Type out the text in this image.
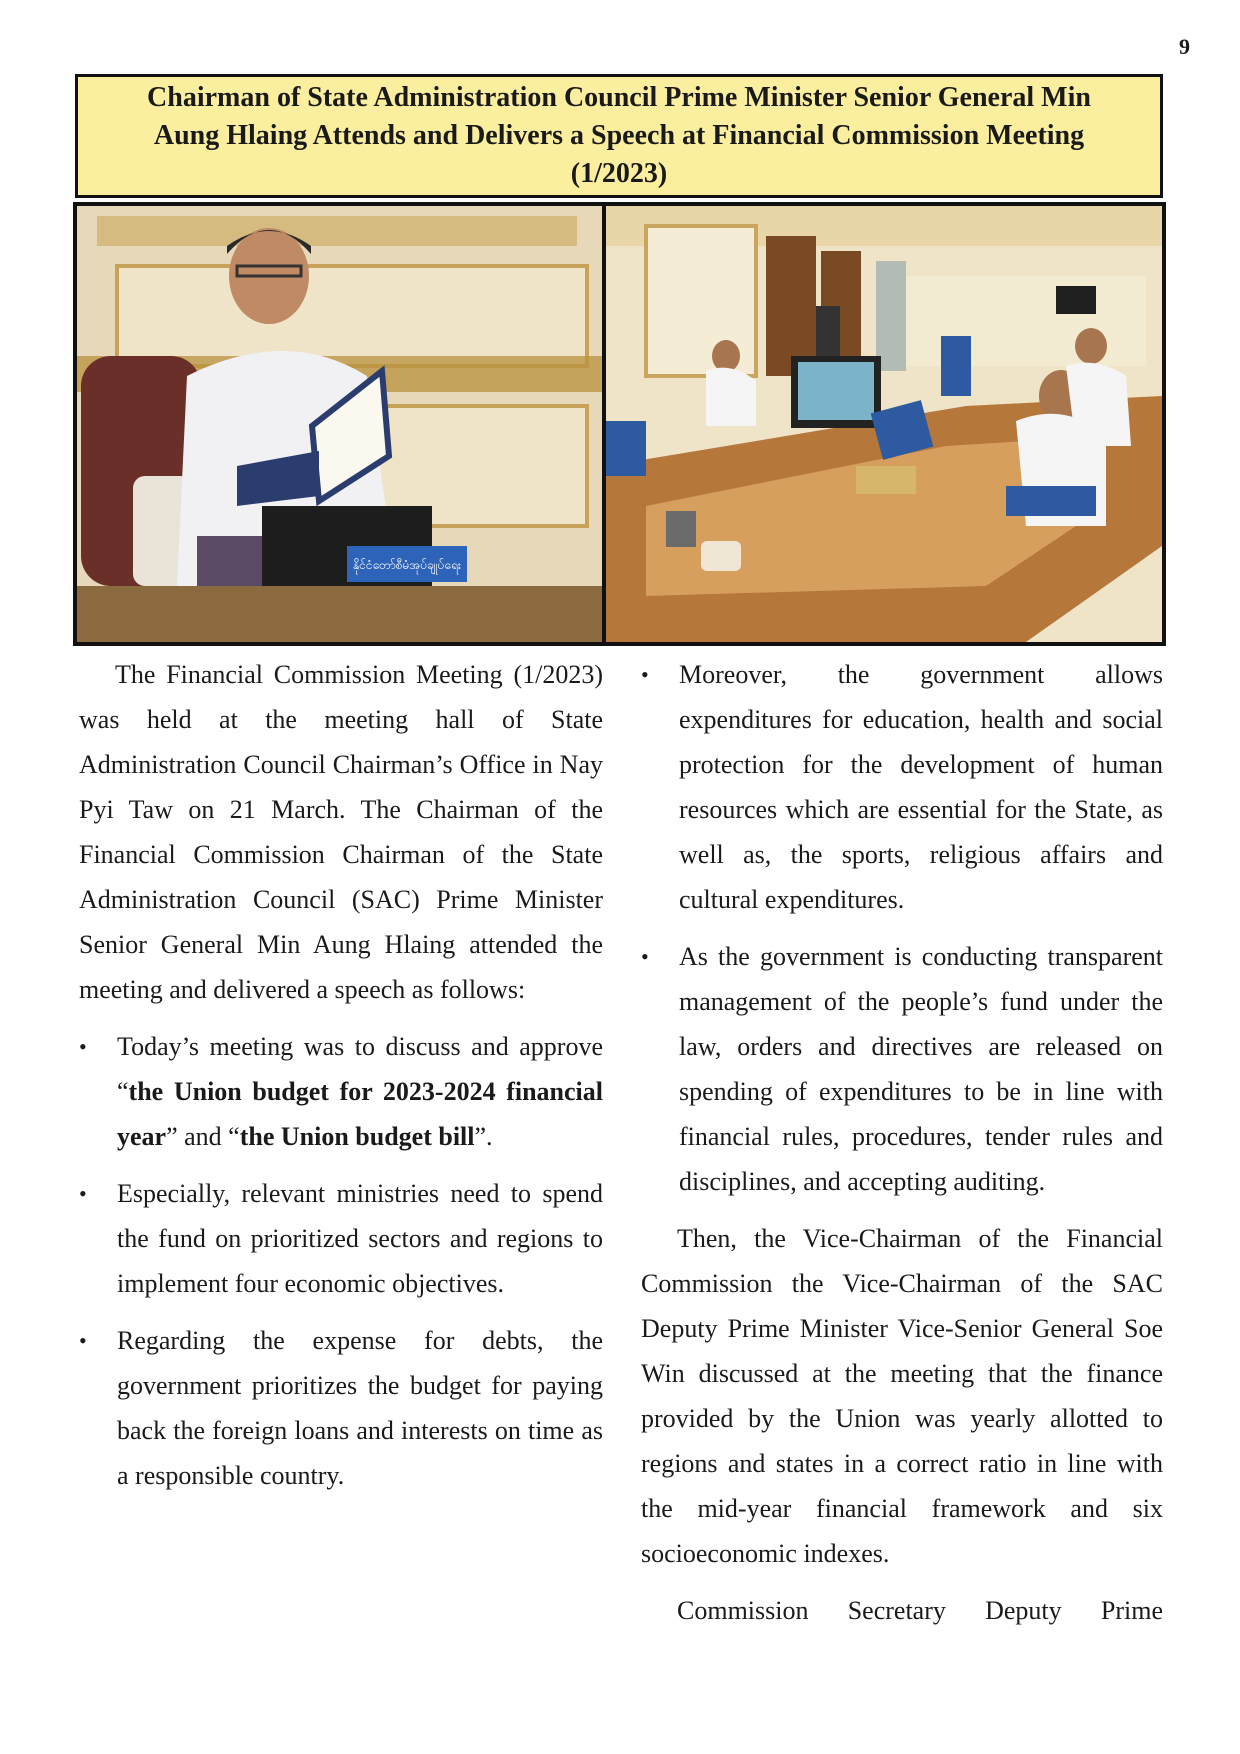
9
Chairman of State Administration Council Prime Minister Senior General Min Aung Hlaing Attends and Delivers a Speech at Financial Commission Meeting (1/2023)
နိုင်ငံတော်စီမံအုပ်ချုပ်ရေး

The Financial Commission Meeting (1/2023) was held at the meeting hall of State Administration Council Chairman’s Office in Nay Pyi Taw on 21 March. The Chairman of the Financial Commission Chairman of the State Administration Council (SAC) Prime Minister Senior General Min Aung Hlaing attended the meeting and delivered a speech as follows:

• Today’s meeting was to discuss and approve “the Union budget for 2023-2024 financial year” and “the Union budget bill”.
• Especially, relevant ministries need to spend the fund on prioritized sectors and regions to implement four economic objectives.
• Regarding the expense for debts, the government prioritizes the budget for paying back the foreign loans and interests on time as a responsible country.
• Moreover, the government allows expenditures for education, health and social protection for the development of human resources which are essential for the State, as well as, the sports, religious affairs and cultural expenditures.
• As the government is conducting transparent management of the people’s fund under the law, orders and directives are released on spending of expenditures to be in line with financial rules, procedures, tender rules and disciplines, and accepting auditing.

Then, the Vice-Chairman of the Financial Commission the Vice-Chairman of the SAC Deputy Prime Minister Vice-Senior General Soe Win discussed at the meeting that the finance provided by the Union was yearly allotted to regions and states in a correct ratio in line with the mid-year financial framework and six socioeconomic indexes.

Commission Secretary Deputy Prime
